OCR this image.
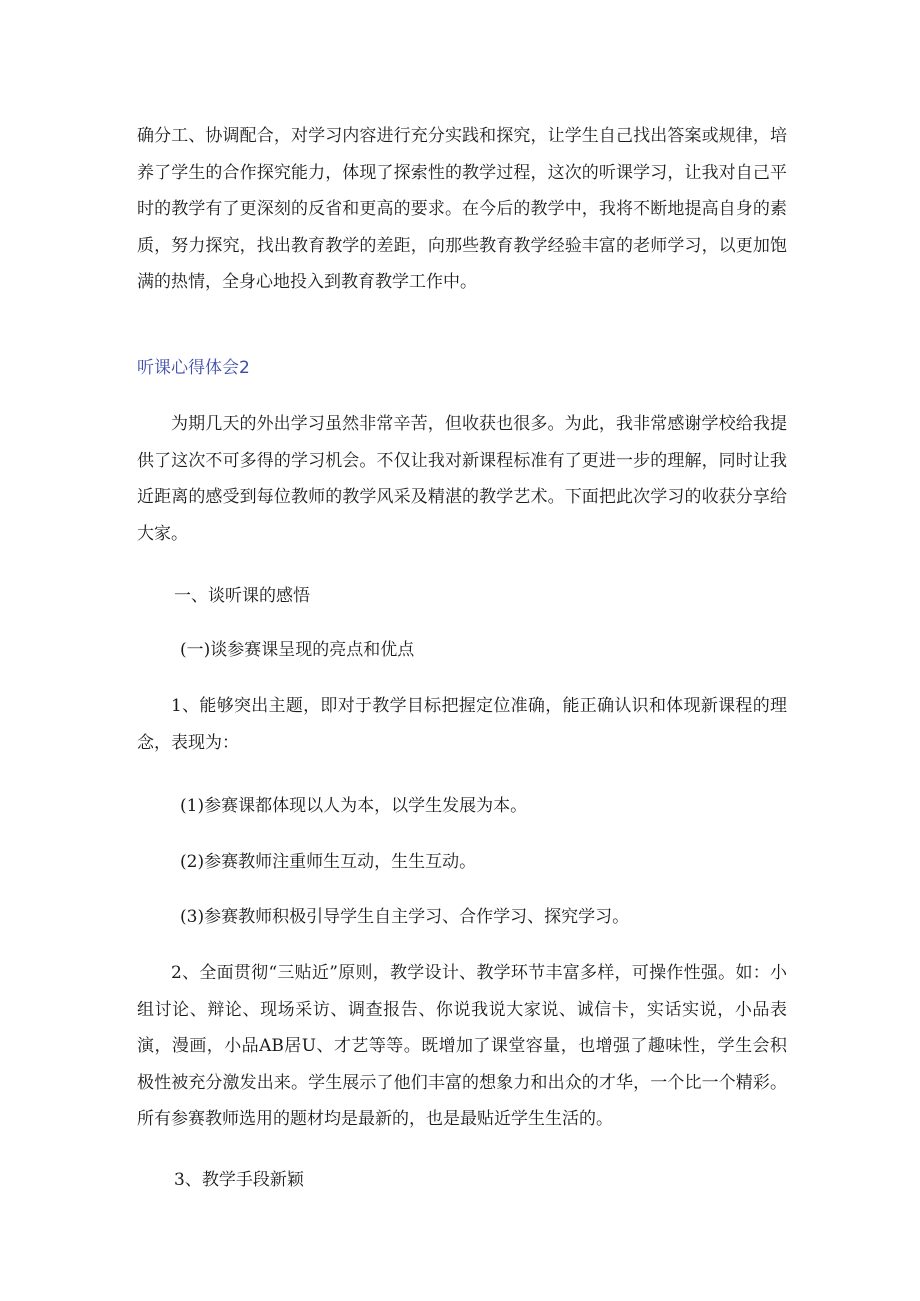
确分工、协调配合，对学习内容进行充分实践和探究，让学生自己找出答案或规律，培养了学生的合作探究能力，体现了探索性的教学过程，这次的听课学习，让我对自己平时的教学有了更深刻的反省和更高的要求。在今后的教学中，我将不断地提高自身的素质，努力探究，找出教育教学的差距，向那些教育教学经验丰富的老师学习，以更加饱满的热情，全身心地投入到教育教学工作中。

听课心得体会2

为期几天的外出学习虽然非常辛苦，但收获也很多。为此，我非常感谢学校给我提供了这次不可多得的学习机会。不仅让我对新课程标准有了更进一步的理解，同时让我近距离的感受到每位教师的教学风采及精湛的教学艺术。下面把此次学习的收获分享给大家。

一、谈听课的感悟

(一)谈参赛课呈现的亮点和优点

1、能够突出主题，即对于教学目标把握定位准确，能正确认识和体现新课程的理念，表现为：

(1)参赛课都体现以人为本，以学生发展为本。

(2)参赛教师注重师生互动，生生互动。

(3)参赛教师积极引导学生自主学习、合作学习、探究学习。

2、全面贯彻“三贴近”原则，教学设计、教学环节丰富多样，可操作性强。如：小组讨论、辩论、现场采访、调查报告、你说我说大家说、诚信卡，实话实说，小品表演，漫画，小品AB居U、才艺等等。既增加了课堂容量，也增强了趣味性，学生会积极性被充分激发出来。学生展示了他们丰富的想象力和出众的才华，一个比一个精彩。所有参赛教师选用的题材均是最新的，也是最贴近学生生活的。

3、教学手段新颖
